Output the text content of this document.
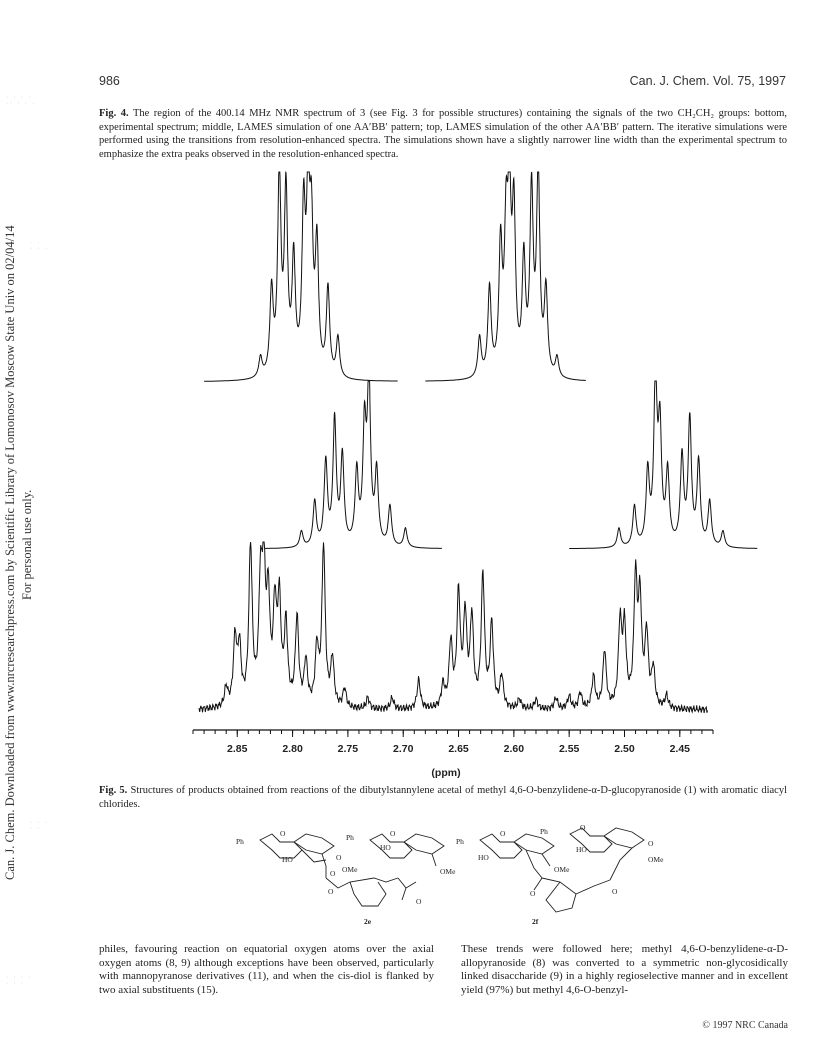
986	Can. J. Chem. Vol. 75, 1997
Can. J. Chem. Downloaded from www.nrcresearchpress.com by Scientific Library of Lomonosov Moscow State Univ on 02/04/14 For personal use only.
· · · ·
·· · · ·
· ·
· · ·
· · ·
· ·
· · · ·
· · ·
Fig. 4. The region of the 400.14 MHz NMR spectrum of 3 (see Fig. 3 for possible structures) containing the signals of the two CH₂CH₂ groups: bottom, experimental spectrum; middle, LAMES simulation of one AA′BB′ pattern; top, LAMES simulation of the other AA′BB′ pattern. The iterative simulations were performed using the transitions from resolution-enhanced spectra. The simulations shown have a slightly narrower line width than the experimental spectrum to emphasize the extra peaks observed in the resolution-enhanced spectra.
2.85	2.80	2.75	2.70	2.65	2.60	2.55	2.50	2.45
(ppm)
Fig. 5. Structures of products obtained from reactions of the dibutylstannylene acetal of methyl 4,6-O-benzylidene-α-D-glucopyranoside (1) with aromatic diacyl chlorides.
Ph	Ph
O	O
HO
HO
O
O OMe	OMe
O
O
2e
Ph
Ph
O
O
HO
HO
OMe
O
OMe
O	O
2f
philes, favouring reaction on equatorial oxygen atoms over the axial oxygen atoms (8, 9) although exceptions have been observed, particularly with mannopyranose derivatives (11), and when the cis-diol is flanked by two axial substituents (15).
These trends were followed here; methyl 4,6-O-benzylidene-α-D-allopyranoside (8) was converted to a symmetric non-glycosidically linked disaccharide (9) in a highly regioselective manner and in excellent yield (97%) but methyl 4,6-O-benzyl-
© 1997 NRC Canada
